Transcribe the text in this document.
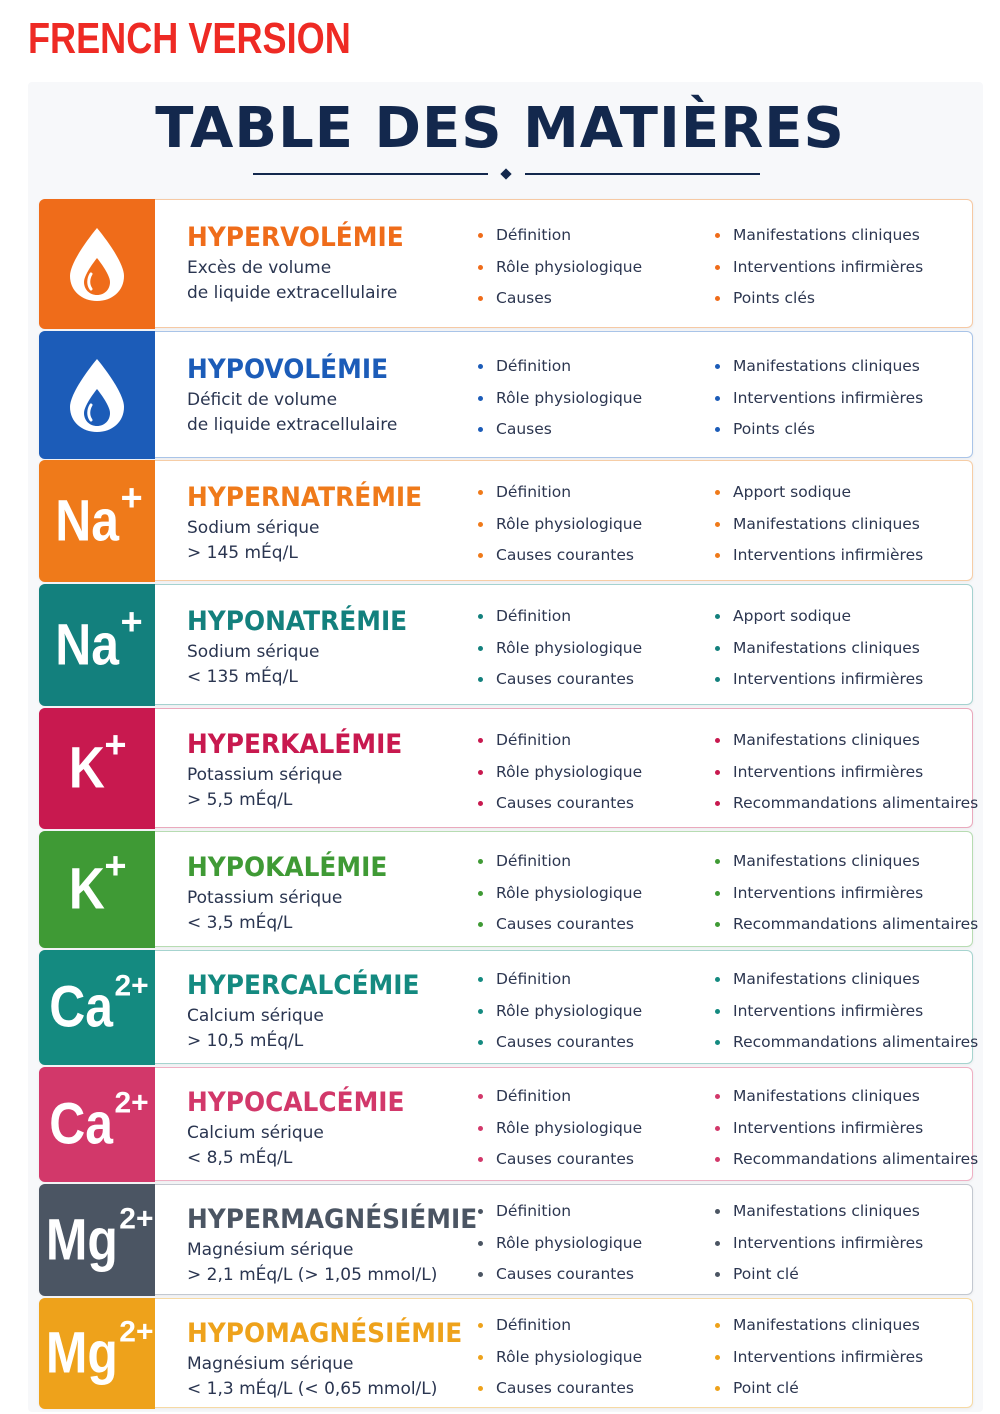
FRENCH VERSION
TABLE DES MATIÈRES
HYPERVOLÉMIE
Excès de volume
de liquide extracellulaire
Définition
Rôle physiologique
Causes
Manifestations cliniques
Interventions infirmières
Points clés
HYPOVOLÉMIE
Déficit de volume
de liquide extracellulaire
Définition
Rôle physiologique
Causes
Manifestations cliniques
Interventions infirmières
Points clés
Na+	HYPERNATRÉMIE
Sodium sérique
> 145 mÉq/L
Définition
Rôle physiologique
Causes courantes
Apport sodique
Manifestations cliniques
Interventions infirmières
Na+	HYPONATRÉMIE
Sodium sérique
< 135 mÉq/L
Définition
Rôle physiologique
Causes courantes
Apport sodique
Manifestations cliniques
Interventions infirmières
K+	HYPERKALÉMIE
Potassium sérique
> 5,5 mÉq/L
Définition
Rôle physiologique
Causes courantes
Manifestations cliniques
Interventions infirmières
Recommandations alimentaires
K+	HYPOKALÉMIE
Potassium sérique
< 3,5 mÉq/L
Définition
Rôle physiologique
Causes courantes
Manifestations cliniques
Interventions infirmières
Recommandations alimentaires
Ca2+ HYPERCALCÉMIE
Calcium sérique
> 10,5 mÉq/L
Définition
Rôle physiologique
Causes courantes
Manifestations cliniques
Interventions infirmières
Recommandations alimentaires
Ca2+ HYPOCALCÉMIE
Calcium sérique
< 8,5 mÉq/L
Définition
Rôle physiologique
Causes courantes
Manifestations cliniques
Interventions infirmières
Recommandations alimentaires
Mg2+ HYPERMAGNÉSIÉMIE
Magnésium sérique
> 2,1 mÉq/L (> 1,05 mmol/L)
Définition
Rôle physiologique
Causes courantes
Manifestations cliniques
Interventions infirmières
Point clé
Mg2+ HYPOMAGNÉSIÉMIE
Magnésium sérique
< 1,3 mÉq/L (< 0,65 mmol/L)
Définition
Rôle physiologique
Causes courantes
Manifestations cliniques
Interventions infirmières
Point clé
